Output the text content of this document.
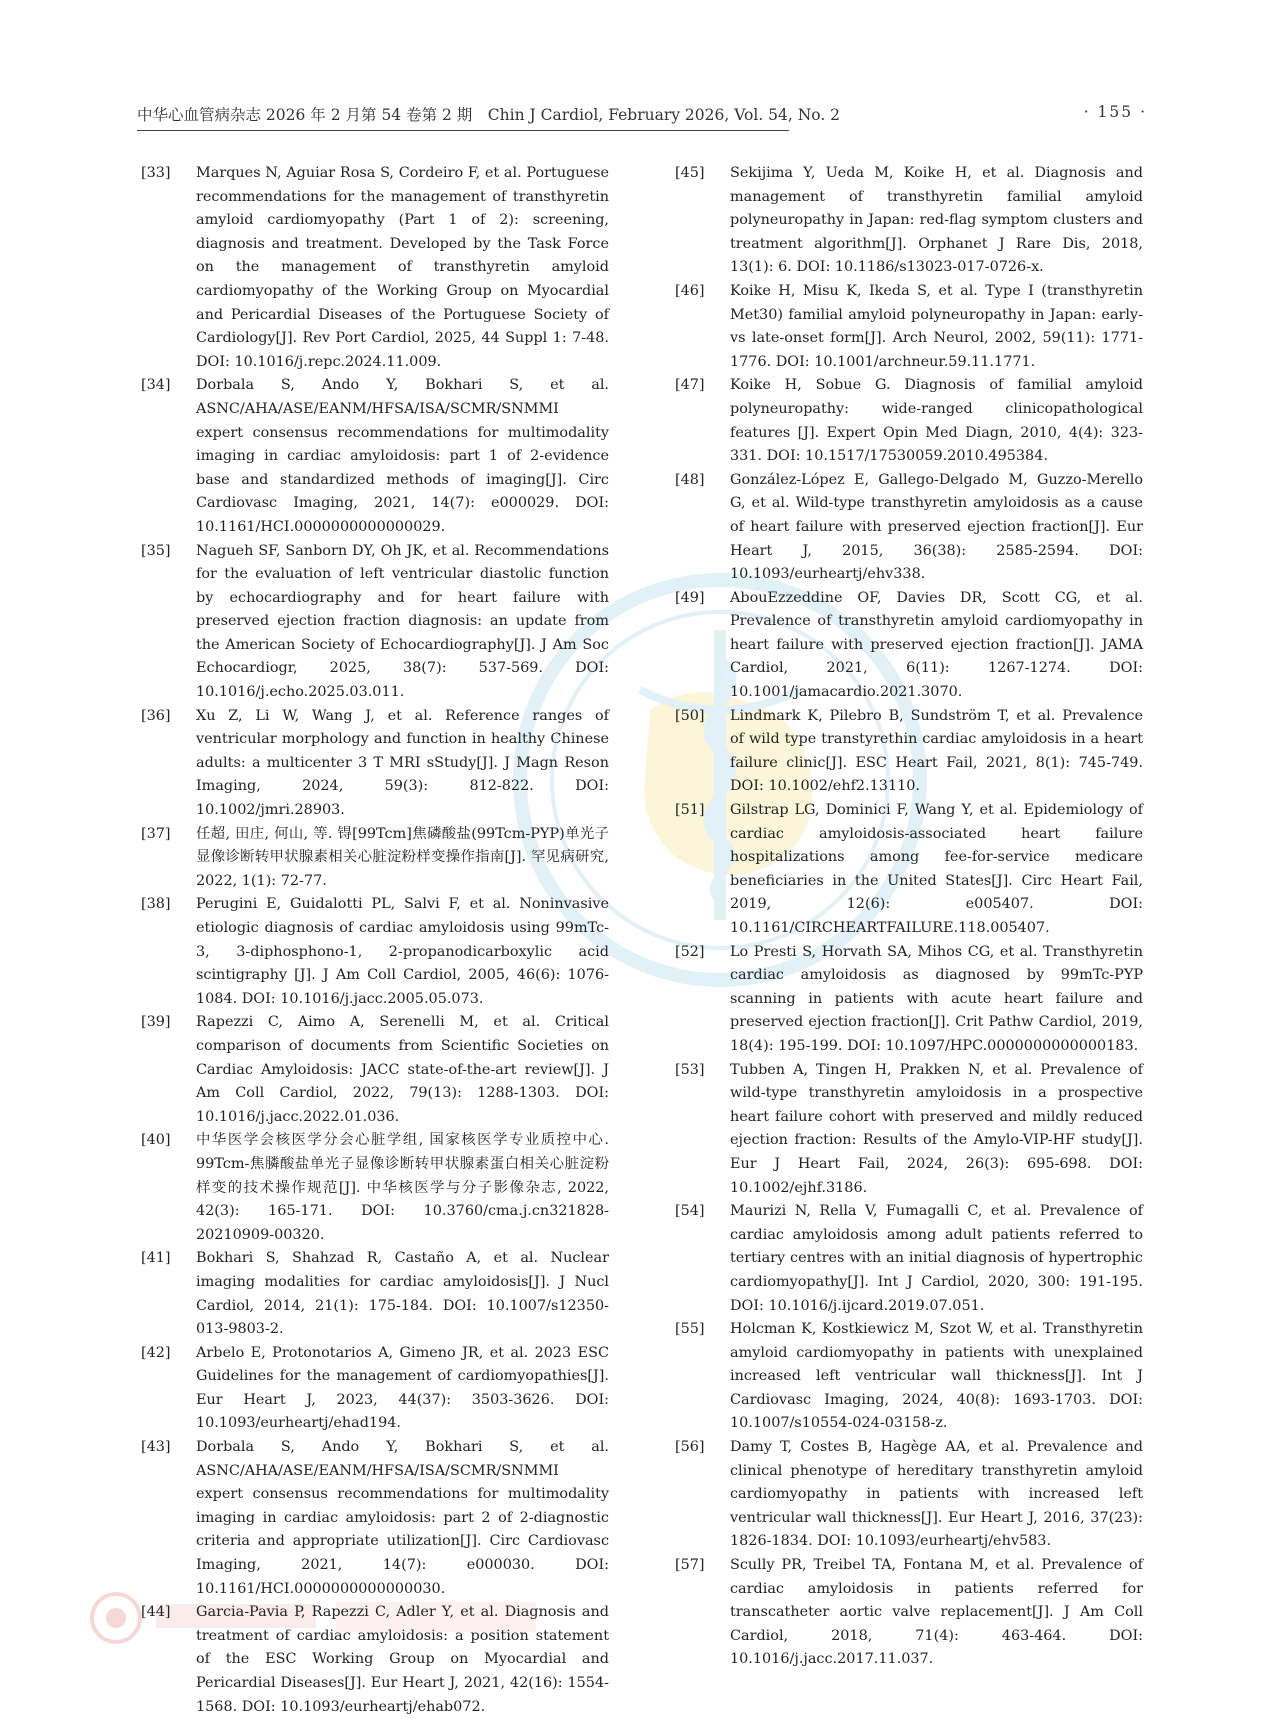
中华心血管病杂志 2026 年 2 月第 54 卷第 2 期　Chin J Cardiol, February 2026, Vol. 54, No. 2	· 155 ·
[33] Marques N, Aguiar Rosa S, Cordeiro F, et al. Portuguese recommendations for the management of transthyretin amyloid cardiomyopathy (Part 1 of 2): screening, diagnosis and treatment. Developed by the Task Force on the management of transthyretin amyloid cardiomyopathy of the Working Group on Myocardial and Pericardial Diseases of the Portuguese Society of Cardiology[J]. Rev Port Cardiol, 2025, 44 Suppl 1: 7-48. DOI: 10.1016/j.repc.2024.11.009.
[34] Dorbala S, Ando Y, Bokhari S, et al. ASNC/AHA/ASE/EANM/HFSA/ISA/SCMR/SNMMI expert consensus recommendations for multimodality imaging in cardiac amyloidosis: part 1 of 2-evidence base and standardized methods of imaging[J]. Circ Cardiovasc Imaging, 2021, 14(7): e000029. DOI: 10.1161/HCI.0000000000000029.
[35] Nagueh SF, Sanborn DY, Oh JK, et al. Recommendations for the evaluation of left ventricular diastolic function by echocardiography and for heart failure with preserved ejection fraction diagnosis: an update from the American Society of Echocardiography[J]. J Am Soc Echocardiogr, 2025, 38(7): 537-569. DOI: 10.1016/j.echo.2025.03.011.
[36] Xu Z, Li W, Wang J, et al. Reference ranges of ventricular morphology and function in healthy Chinese adults: a multicenter 3 T MRI sStudy[J]. J Magn Reson Imaging, 2024, 59(3): 812-822. DOI: 10.1002/jmri.28903.
[37] 任超, 田庄, 何山, 等. 锝[99Tcm]焦磷酸盐(99Tcm-PYP)单光子显像诊断转甲状腺素相关心脏淀粉样变操作指南[J]. 罕见病研究, 2022, 1(1): 72-77.
[38] Perugini E, Guidalotti PL, Salvi F, et al. Noninvasive etiologic diagnosis of cardiac amyloidosis using 99mTc-3, 3-diphosphono-1, 2-propanodicarboxylic acid scintigraphy [J]. J Am Coll Cardiol, 2005, 46(6): 1076-1084. DOI: 10.1016/j.jacc.2005.05.073.
[39] Rapezzi C, Aimo A, Serenelli M, et al. Critical comparison of documents from Scientific Societies on Cardiac Amyloidosis: JACC state-of-the-art review[J]. J Am Coll Cardiol, 2022, 79(13): 1288-1303. DOI: 10.1016/j.jacc.2022.01.036.
[40] 中华医学会核医学分会心脏学组, 国家核医学专业质控中心. 99Tcm-焦膦酸盐单光子显像诊断转甲状腺素蛋白相关心脏淀粉样变的技术操作规范[J]. 中华核医学与分子影像杂志, 2022, 42(3): 165-171. DOI: 10.3760/cma.j.cn321828-20210909-00320.
[41] Bokhari S, Shahzad R, Castaño A, et al. Nuclear imaging modalities for cardiac amyloidosis[J]. J Nucl Cardiol, 2014, 21(1): 175-184. DOI: 10.1007/s12350-013-9803-2.
[42] Arbelo E, Protonotarios A, Gimeno JR, et al. 2023 ESC Guidelines for the management of cardiomyopathies[J]. Eur Heart J, 2023, 44(37): 3503-3626. DOI: 10.1093/eurheartj/ehad194.
[43] Dorbala S, Ando Y, Bokhari S, et al. ASNC/AHA/ASE/EANM/HFSA/ISA/SCMR/SNMMI expert consensus recommendations for multimodality imaging in cardiac amyloidosis: part 2 of 2-diagnostic criteria and appropriate utilization[J]. Circ Cardiovasc Imaging, 2021, 14(7): e000030. DOI: 10.1161/HCI.0000000000000030.
[44] Garcia-Pavia P, Rapezzi C, Adler Y, et al. Diagnosis and treatment of cardiac amyloidosis: a position statement of the ESC Working Group on Myocardial and Pericardial Diseases[J]. Eur Heart J, 2021, 42(16): 1554-1568. DOI: 10.1093/eurheartj/ehab072.
[45] Sekijima Y, Ueda M, Koike H, et al. Diagnosis and management of transthyretin familial amyloid polyneuropathy in Japan: red-flag symptom clusters and treatment algorithm[J]. Orphanet J Rare Dis, 2018, 13(1): 6. DOI: 10.1186/s13023-017-0726-x.
[46] Koike H, Misu K, Ikeda S, et al. Type I (transthyretin Met30) familial amyloid polyneuropathy in Japan: early-vs late-onset form[J]. Arch Neurol, 2002, 59(11): 1771-1776. DOI: 10.1001/archneur.59.11.1771.
[47] Koike H, Sobue G. Diagnosis of familial amyloid polyneuropathy: wide-ranged clinicopathological features [J]. Expert Opin Med Diagn, 2010, 4(4): 323-331. DOI: 10.1517/17530059.2010.495384.
[48] González-López E, Gallego-Delgado M, Guzzo-Merello G, et al. Wild-type transthyretin amyloidosis as a cause of heart failure with preserved ejection fraction[J]. Eur Heart J, 2015, 36(38): 2585-2594. DOI: 10.1093/eurheartj/ehv338.
[49] AbouEzzeddine OF, Davies DR, Scott CG, et al. Prevalence of transthyretin amyloid cardiomyopathy in heart failure with preserved ejection fraction[J]. JAMA Cardiol, 2021, 6(11): 1267-1274. DOI: 10.1001/jamacardio.2021.3070.
[50] Lindmark K, Pilebro B, Sundström T, et al. Prevalence of wild type transtyrethin cardiac amyloidosis in a heart failure clinic[J]. ESC Heart Fail, 2021, 8(1): 745-749. DOI: 10.1002/ehf2.13110.
[51] Gilstrap LG, Dominici F, Wang Y, et al. Epidemiology of cardiac amyloidosis-associated heart failure hospitalizations among fee-for-service medicare beneficiaries in the United States[J]. Circ Heart Fail, 2019, 12(6): e005407. DOI: 10.1161/CIRCHEARTFAILURE.118.005407.
[52] Lo Presti S, Horvath SA, Mihos CG, et al. Transthyretin cardiac amyloidosis as diagnosed by 99mTc-PYP scanning in patients with acute heart failure and preserved ejection fraction[J]. Crit Pathw Cardiol, 2019, 18(4): 195-199. DOI: 10.1097/HPC.0000000000000183.
[53] Tubben A, Tingen H, Prakken N, et al. Prevalence of wild-type transthyretin amyloidosis in a prospective heart failure cohort with preserved and mildly reduced ejection fraction: Results of the Amylo-VIP-HF study[J]. Eur J Heart Fail, 2024, 26(3): 695-698. DOI: 10.1002/ejhf.3186.
[54] Maurizi N, Rella V, Fumagalli C, et al. Prevalence of cardiac amyloidosis among adult patients referred to tertiary centres with an initial diagnosis of hypertrophic cardiomyopathy[J]. Int J Cardiol, 2020, 300: 191-195. DOI: 10.1016/j.ijcard.2019.07.051.
[55] Holcman K, Kostkiewicz M, Szot W, et al. Transthyretin amyloid cardiomyopathy in patients with unexplained increased left ventricular wall thickness[J]. Int J Cardiovasc Imaging, 2024, 40(8): 1693-1703. DOI: 10.1007/s10554-024-03158-z.
[56] Damy T, Costes B, Hagège AA, et al. Prevalence and clinical phenotype of hereditary transthyretin amyloid cardiomyopathy in patients with increased left ventricular wall thickness[J]. Eur Heart J, 2016, 37(23): 1826-1834. DOI: 10.1093/eurheartj/ehv583.
[57] Scully PR, Treibel TA, Fontana M, et al. Prevalence of cardiac amyloidosis in patients referred for transcatheter aortic valve replacement[J]. J Am Coll Cardiol, 2018, 71(4): 463-464. DOI: 10.1016/j.jacc.2017.11.037.
